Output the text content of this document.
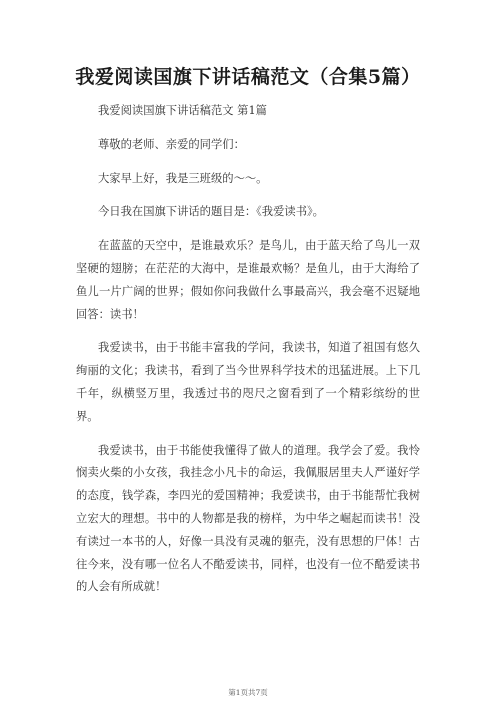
我爱阅读国旗下讲话稿范文（合集5篇）

我爱阅读国旗下讲话稿范文 第1篇

尊敬的老师、亲爱的同学们：

大家早上好，我是三班级的～～。

今日我在国旗下讲话的题目是：《我爱读书》。

在蓝蓝的天空中，是谁最欢乐？是鸟儿，由于蓝天给了鸟儿一双坚硬的翅膀；在茫茫的大海中，是谁最欢畅？是鱼儿，由于大海给了鱼儿一片广阔的世界；假如你问我做什么事最高兴，我会毫不迟疑地回答：读书！

我爱读书，由于书能丰富我的学问，我读书，知道了祖国有悠久绚丽的文化；我读书，看到了当今世界科学技术的迅猛进展。上下几千年，纵横竖万里，我透过书的咫尺之窗看到了一个精彩缤纷的世界。

我爱读书，由于书能使我懂得了做人的道理。我学会了爱。我怜悯卖火柴的小女孩，我挂念小凡卡的命运，我佩服居里夫人严谨好学的态度，钱学森，李四光的爱国精神；我爱读书，由于书能帮忙我树立宏大的理想。书中的人物都是我的榜样，为中华之崛起而读书！没有读过一本书的人，好像一具没有灵魂的躯壳，没有思想的尸体！古往今来，没有哪一位名人不酷爱读书，同样，也没有一位不酷爱读书的人会有所成就！

第1页共7页
